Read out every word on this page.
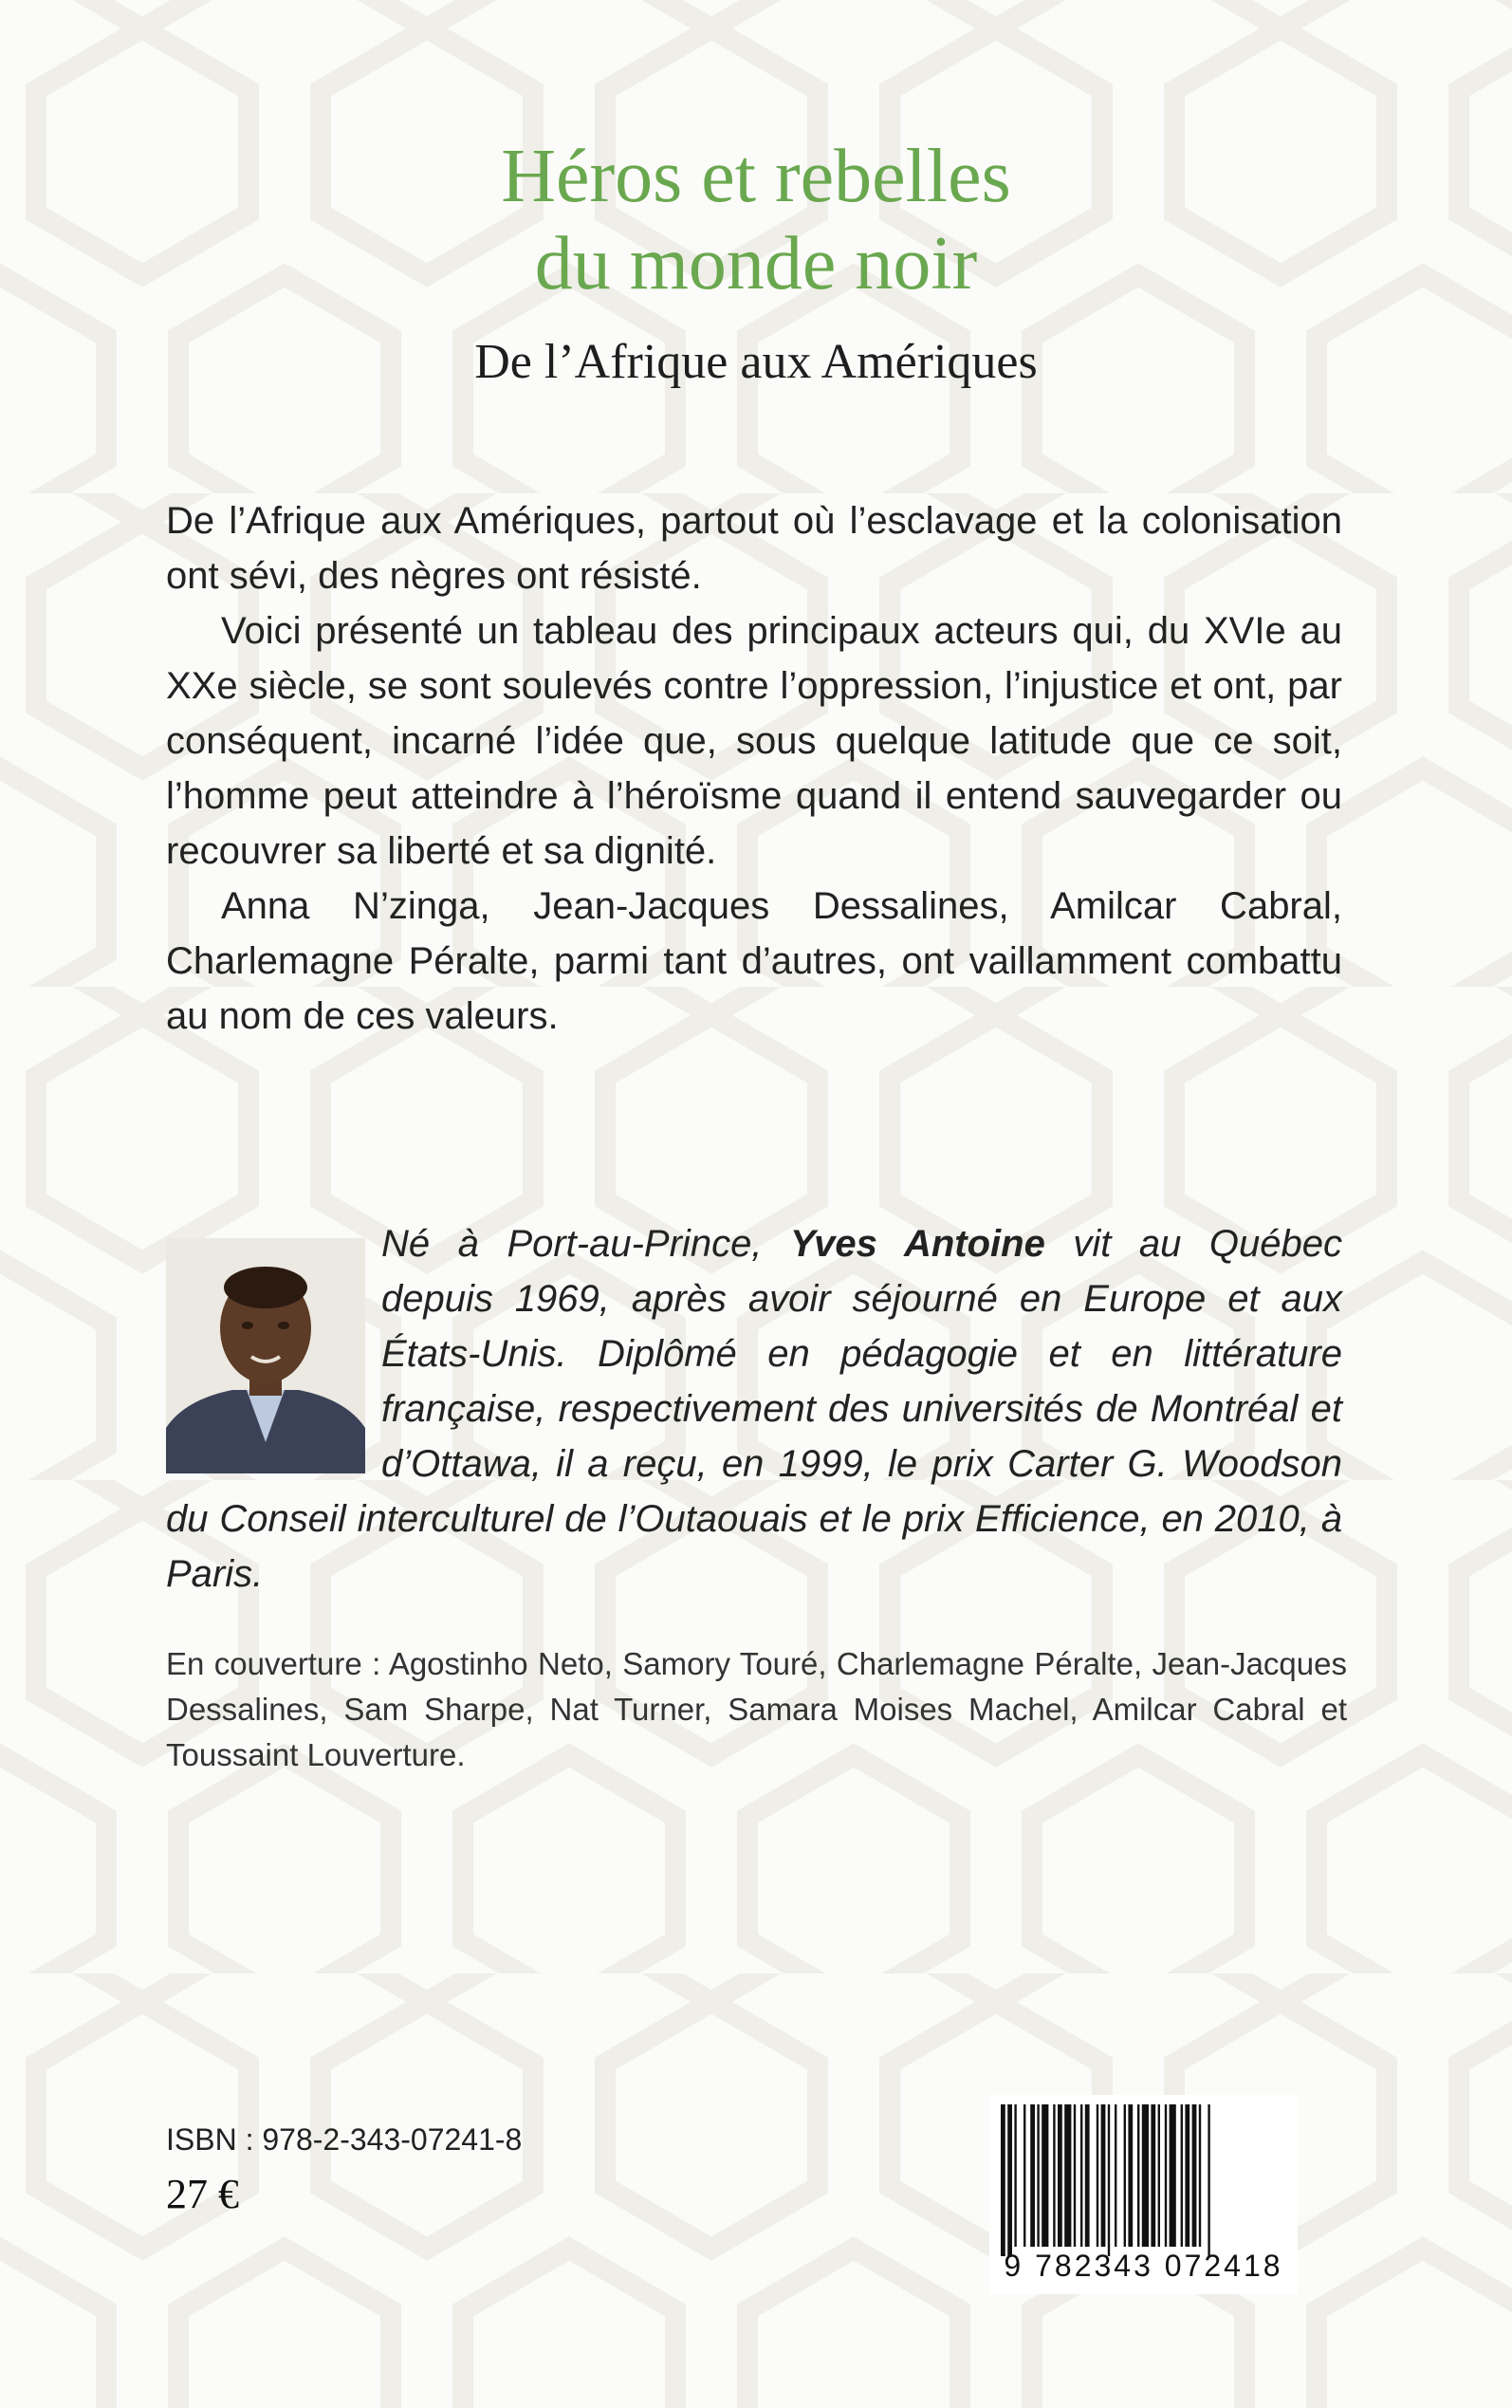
Héros et rebelles
du monde noir
De l’Afrique aux Amériques

De l’Afrique aux Amériques, partout où l’esclavage et la colonisation ont sévi, des nègres ont résisté.

Voici présenté un tableau des principaux acteurs qui, du XVIe au XXe siècle, se sont soulevés contre l’oppression, l’injustice et ont, par conséquent, incarné l’idée que, sous quelque latitude que ce soit, l’homme peut atteindre à l’héroïsme quand il entend sauvegarder ou recouvrer sa liberté et sa dignité.

Anna N’zinga, Jean-Jacques Dessalines, Amilcar Cabral, Charlemagne Péralte, parmi tant d’autres, ont vaillamment combattu au nom de ces valeurs.

Né à Port-au-Prince, Yves Antoine vit au Québec depuis 1969, après avoir séjourné en Europe et aux États-Unis. Diplômé en pédagogie et en littérature française, respectivement des universités de Montréal et d’Ottawa, il a reçu, en 1999, le prix Carter G. Woodson du Conseil interculturel de l’Outaouais et le prix Efficience, en 2010, à Paris.
En couverture : Agostinho Neto, Samory Touré, Charlemagne Péralte, Jean-Jacques Dessalines, Sam Sharpe, Nat Turner, Samara Moises Machel, Amilcar Cabral et Toussaint Louverture.
ISBN : 978-2-343-07241-8
27 €
9 782343 072418
